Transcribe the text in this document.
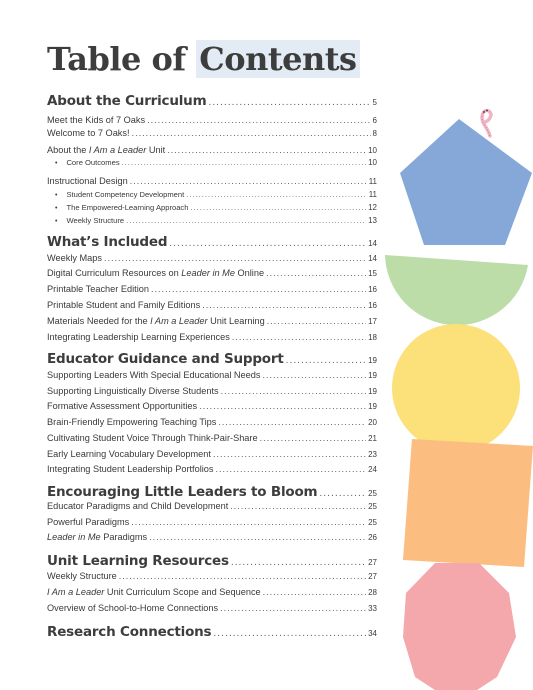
Table of Contents
About the Curriculum .....	5
Meet the Kids of 7 Oaks .....	6
Welcome to 7 Oaks! .....	8
About the I Am a Leader Unit .....	10
• Core Outcomes .....	10
Instructional Design .....	11
• Student Competency Development .....	11
• The Empowered-Learning Approach .....	12
• Weekly Structure .....	13
What’s Included .....	14
Weekly Maps .....	14
Digital Curriculum Resources on Leader in Me Online .....	15
Printable Teacher Edition .....	16
Printable Student and Family Editions .....	16
Materials Needed for the I Am a Leader Unit Learning .....	17
Integrating Leadership Learning Experiences .....	18
Educator Guidance and Support .....	19
Supporting Leaders With Special Educational Needs .....	19
Supporting Linguistically Diverse Students .....	19
Formative Assessment Opportunities .....	19
Brain-Friendly Empowering Teaching Tips .....	20
Cultivating Student Voice Through Think-Pair-Share .....	21
Early Learning Vocabulary Development .....	23
Integrating Student Leadership Portfolios .....	24
Encouraging Little Leaders to Bloom .....	25
Educator Paradigms and Child Development .....	25
Powerful Paradigms .....	25
Leader in Me Paradigms .....	26
Unit Learning Resources .....	27
Weekly Structure .....	27
I Am a Leader Unit Curriculum Scope and Sequence .....	28
Overview of School-to-Home Connections .....	33
Research Connections .....	34
